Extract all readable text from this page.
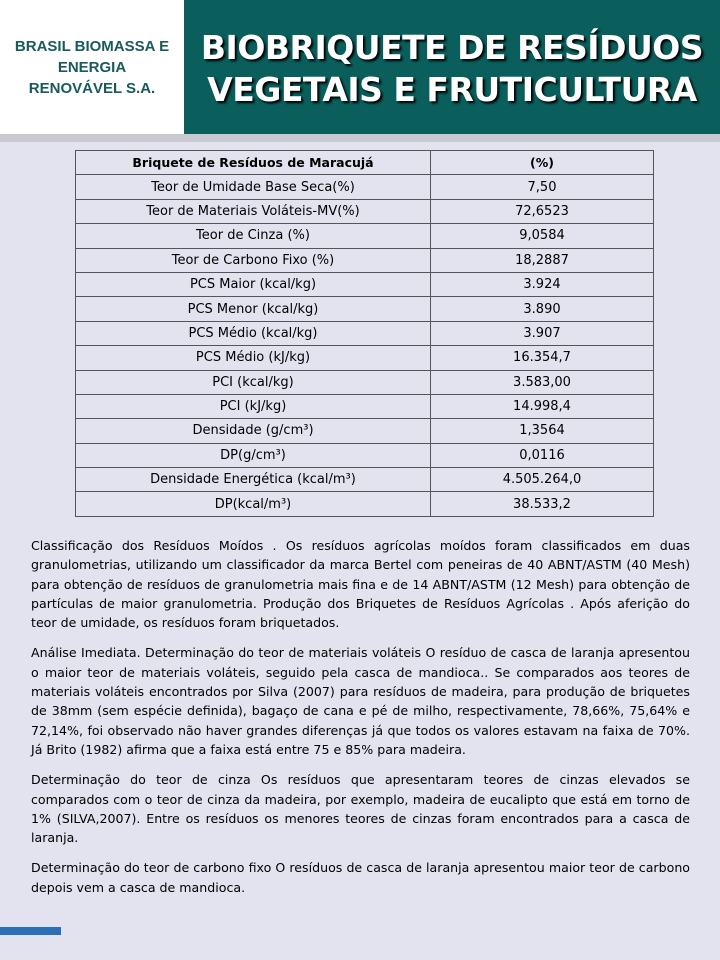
BRASIL BIOMASSA E
ENERGIA
RENOVÁVEL S.A.
BIOBRIQUETE DE RESÍDUOS
VEGETAIS E FRUTICULTURA
Briquete de Resíduos de Maracujá	(%)
Teor de Umidade Base Seca(%)	7,50
Teor de Materiais Voláteis-MV(%)	72,6523
Teor de Cinza (%)	9,0584
Teor de Carbono Fixo (%)	18,2887
PCS Maior (kcal/kg)	3.924
PCS Menor (kcal/kg)	3.890
PCS Médio (kcal/kg)	3.907
PCS Médio (kJ/kg)	16.354,7
PCI (kcal/kg)	3.583,00
PCI (kJ/kg)	14.998,4
Densidade (g/cm³)	1,3564
DP(g/cm³)	0,0116
Densidade Energética (kcal/m³)	4.505.264,0
DP(kcal/m³)	38.533,2

Classificação dos Resíduos Moídos . Os resíduos agrícolas moídos foram classificados em duas granulometrias, utilizando um classificador da marca Bertel com peneiras de 40 ABNT/ASTM (40 Mesh) para obtenção de resíduos de granulometria mais fina e de 14 ABNT/ASTM (12 Mesh) para obtenção de partículas de maior granulometria. Produção dos Briquetes de Resíduos Agrícolas . Após aferição do teor de umidade, os resíduos foram briquetados.

Análise Imediata. Determinação do teor de materiais voláteis O resíduo de casca de laranja apresentou o maior teor de materiais voláteis, seguido pela casca de mandioca.. Se comparados aos teores de materiais voláteis encontrados por Silva (2007) para resíduos de madeira, para produção de briquetes de 38mm (sem espécie definida), bagaço de cana e pé de milho, respectivamente, 78,66%, 75,64% e 72,14%, foi observado não haver grandes diferenças já que todos os valores estavam na faixa de 70%. Já Brito (1982) afirma que a faixa está entre 75 e 85% para madeira.

Determinação do teor de cinza Os resíduos que apresentaram teores de cinzas elevados se comparados com o teor de cinza da madeira, por exemplo, madeira de eucalipto que está em torno de 1% (SILVA,2007). Entre os resíduos os menores teores de cinzas foram encontrados para a casca de laranja.

Determinação do teor de carbono fixo O resíduos de casca de laranja apresentou maior teor de carbono depois vem a casca de mandioca.
